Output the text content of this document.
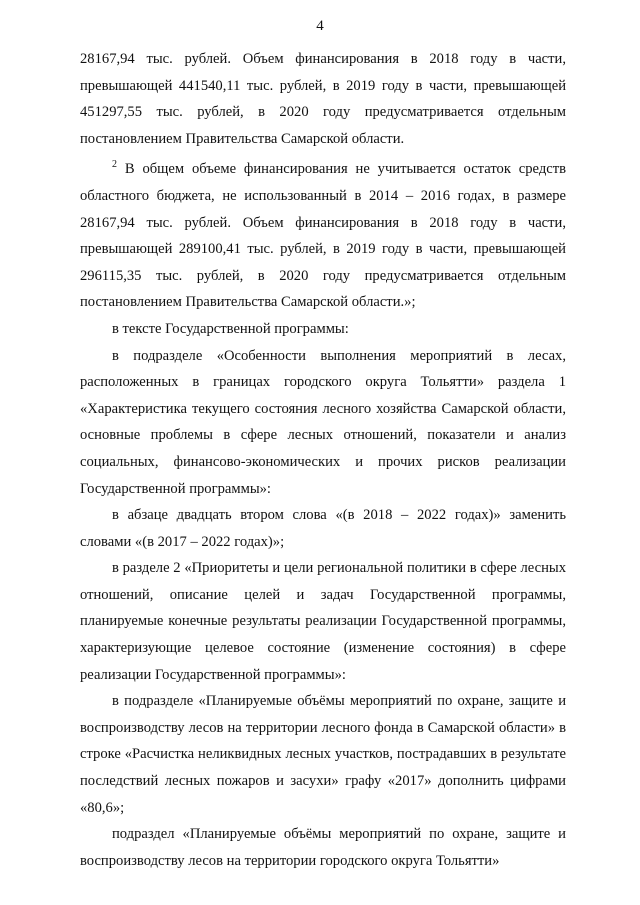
4

28167,94 тыс. рублей. Объем финансирования в 2018 году в части, превышающей 441540,11 тыс. рублей, в 2019 году в части, превышающей 451297,55 тыс. рублей, в 2020 году предусматривается отдельным постановлением Правительства Самарской области.

$^2$ В общем объеме финансирования не учитывается остаток средств областного бюджета, не использованный в 2014 – 2016 годах, в размере 28167,94 тыс. рублей. Объем финансирования в 2018 году в части, превышающей 289100,41 тыс. рублей, в 2019 году в части, превышающей 296115,35 тыс. рублей, в 2020 году предусматривается отдельным постановлением Правительства Самарской области.»;

в тексте Государственной программы:

в подразделе «Особенности выполнения мероприятий в лесах, расположенных в границах городского округа Тольятти» раздела 1 «Характеристика текущего состояния лесного хозяйства Самарской области, основные проблемы в сфере лесных отношений, показатели и анализ социальных, финансово-экономических и прочих рисков реализации Государственной программы»:

в абзаце двадцать втором слова «(в 2018 – 2022 годах)» заменить словами «(в 2017 – 2022 годах)»;

в разделе 2 «Приоритеты и цели региональной политики в сфере лесных отношений, описание целей и задач Государственной программы, планируемые конечные результаты реализации Государственной программы, характеризующие целевое состояние (изменение состояния) в сфере реализации Государственной программы»:

в подразделе «Планируемые объёмы мероприятий по охране, защите и воспроизводству лесов на территории лесного фонда в Самарской области» в строке «Расчистка неликвидных лесных участков, пострадавших в результате последствий лесных пожаров и засухи» графу «2017» дополнить цифрами «80,6»;

подраздел «Планируемые объёмы мероприятий по охране, защите и воспроизводству лесов на территории городского округа Тольятти»
